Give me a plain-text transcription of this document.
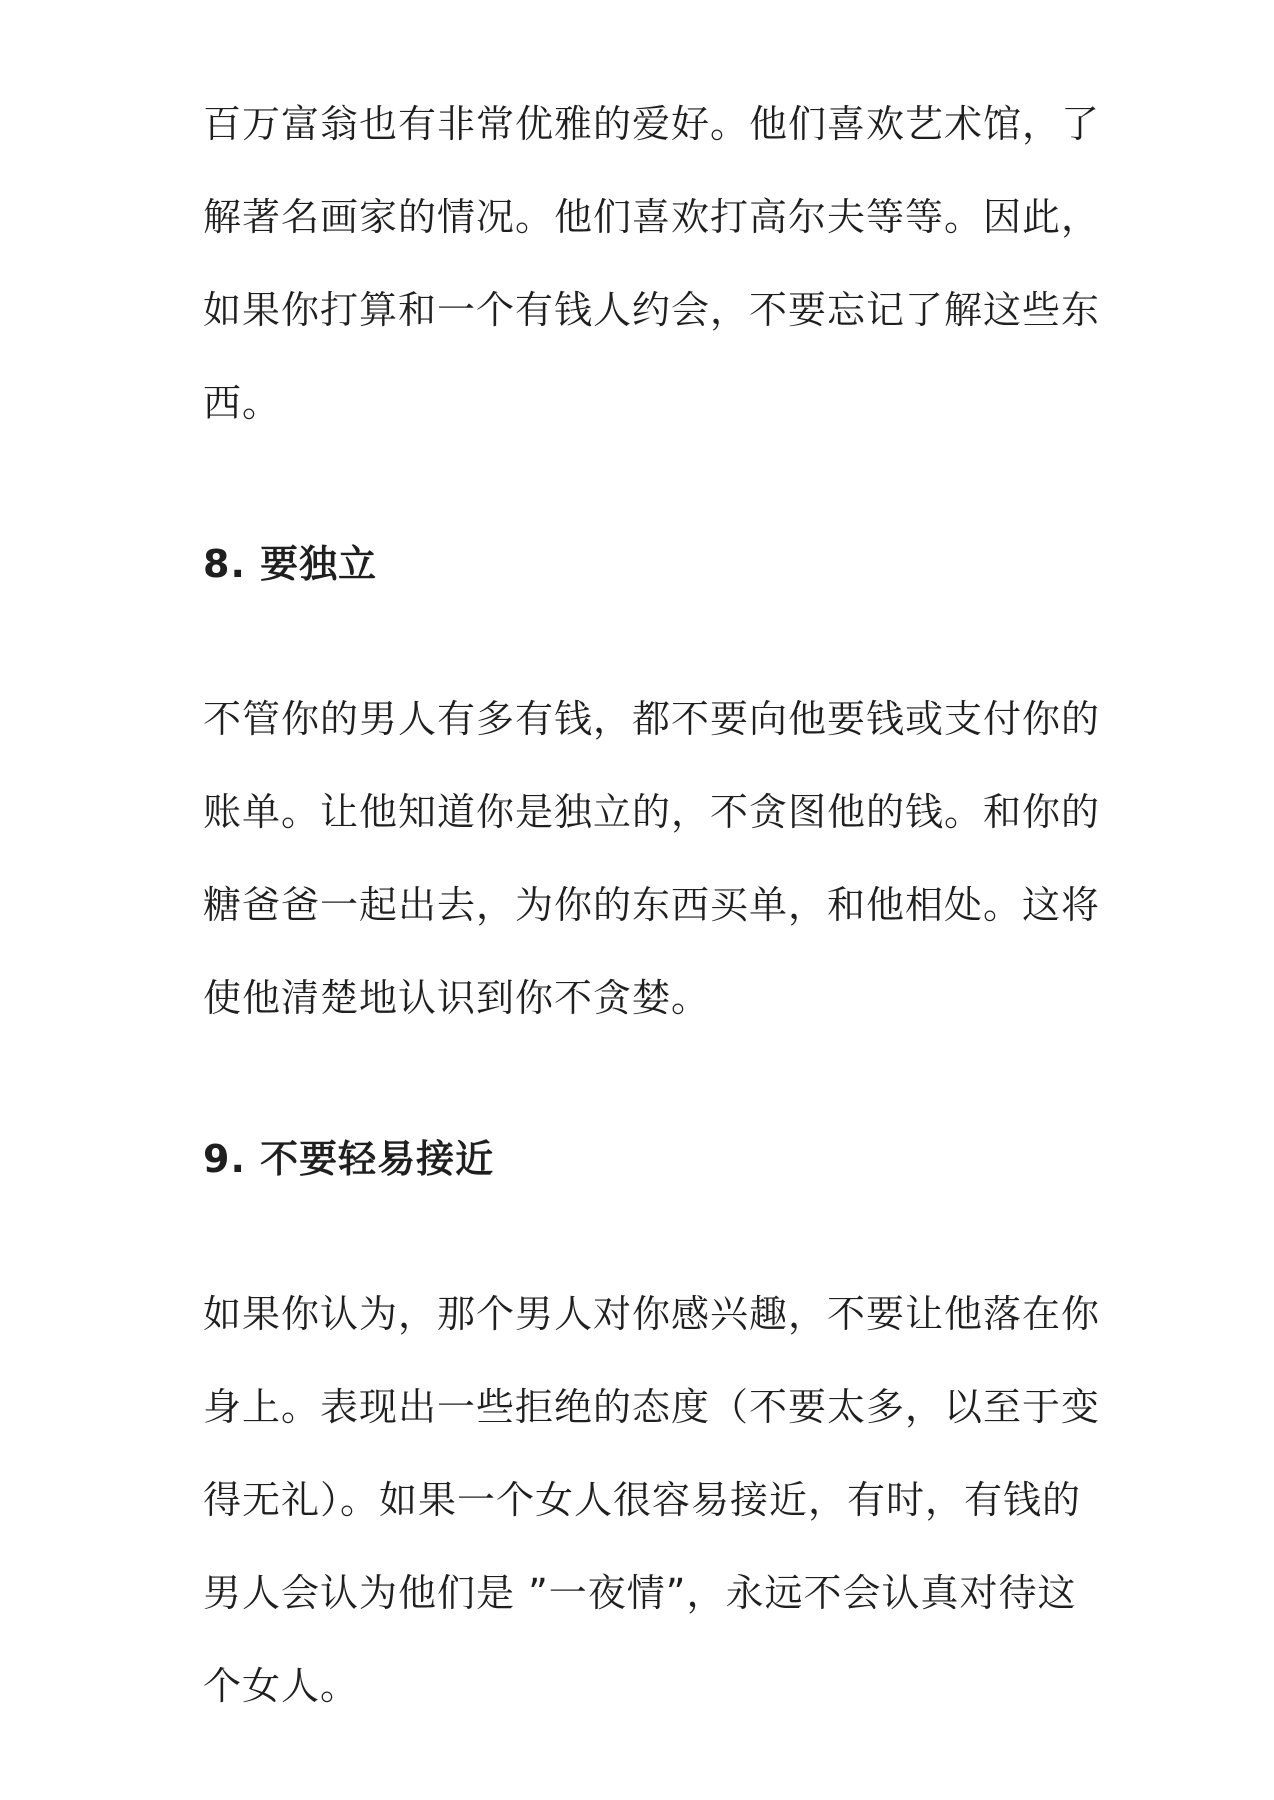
百万富翁也有非常优雅的爱好。他们喜欢艺术馆，了
解著名画家的情况。他们喜欢打高尔夫等等。因此，
如果你打算和一个有钱人约会，不要忘记了解这些东
西。

8. 要独立

不管你的男人有多有钱，都不要向他要钱或支付你的
账单。让他知道你是独立的，不贪图他的钱。和你的
糖爸爸一起出去，为你的东西买单，和他相处。这将
使他清楚地认识到你不贪婪。

9. 不要轻易接近

如果你认为，那个男人对你感兴趣，不要让他落在你
身上。表现出一些拒绝的态度（不要太多，以至于变
得无礼）。如果一个女人很容易接近，有时，有钱的
男人会认为他们是 ”一夜情”，永远不会认真对待这
个女人。
